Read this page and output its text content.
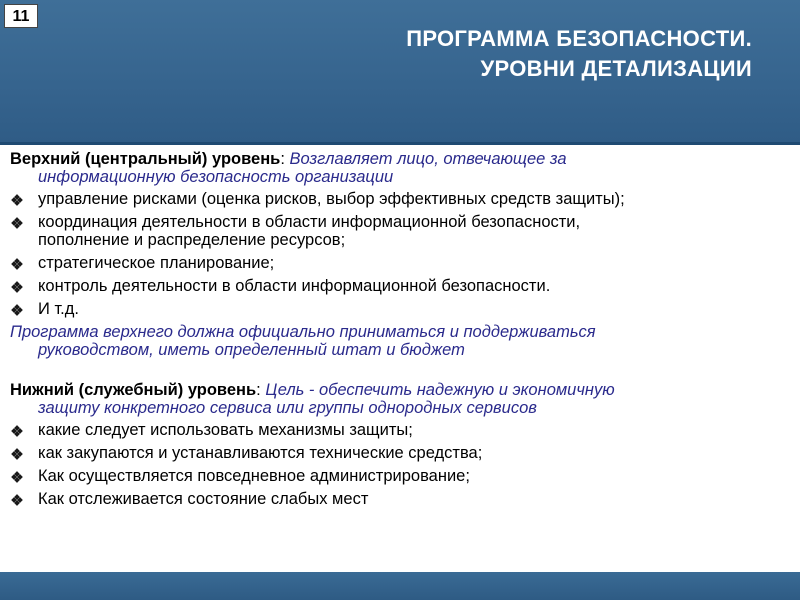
11
ПРОГРАММА БЕЗОПАСНОСТИ.
УРОВНИ ДЕТАЛИЗАЦИИ
Верхний (центральный) уровень: Возглавляет лицо, отвечающее за
информационную безопасность организации
управление рисками (оценка рисков, выбор эффективных средств защиты);
координация деятельности в области информационной безопасности,
пополнение и распределение ресурсов;
стратегическое планирование;
контроль деятельности в области информационной безопасности.
И т.д.
Программа верхнего должна официально приниматься и поддерживаться
руководством, иметь определенный штат и бюджет
Нижний (служебный) уровень: Цель - обеспечить надежную и экономичную
защиту конкретного сервиса или группы однородных сервисов
какие следует использовать механизмы защиты;
как закупаются и устанавливаются технические средства;
Как осуществляется повседневное администрирование;
Как отслеживается состояние слабых мест
